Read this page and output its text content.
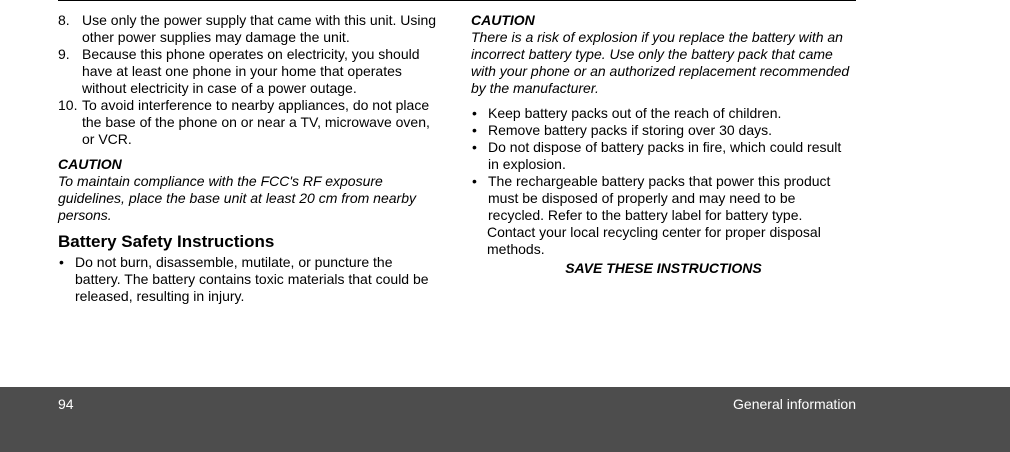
8. Use only the power supply that came with this unit. Using other power supplies may damage the unit.
9. Because this phone operates on electricity, you should have at least one phone in your home that operates without electricity in case of a power outage.
10. To avoid interference to nearby appliances, do not place the base of the phone on or near a TV, microwave oven, or VCR.
CAUTION
To maintain compliance with the FCC's RF exposure guidelines, place the base unit at least 20 cm from nearby persons.
Battery Safety Instructions
• Do not burn, disassemble, mutilate, or puncture the battery. The battery contains toxic materials that could be released, resulting in injury.
CAUTION
There is a risk of explosion if you replace the battery with an incorrect battery type. Use only the battery pack that came with your phone or an authorized replacement recommended by the manufacturer.
• Keep battery packs out of the reach of children.
• Remove battery packs if storing over 30 days.
• Do not dispose of battery packs in fire, which could result in explosion.
• The rechargeable battery packs that power this product must be disposed of properly and may need to be recycled. Refer to the battery label for battery type.
Contact your local recycling center for proper disposal methods.
SAVE THESE INSTRUCTIONS
94	General information
